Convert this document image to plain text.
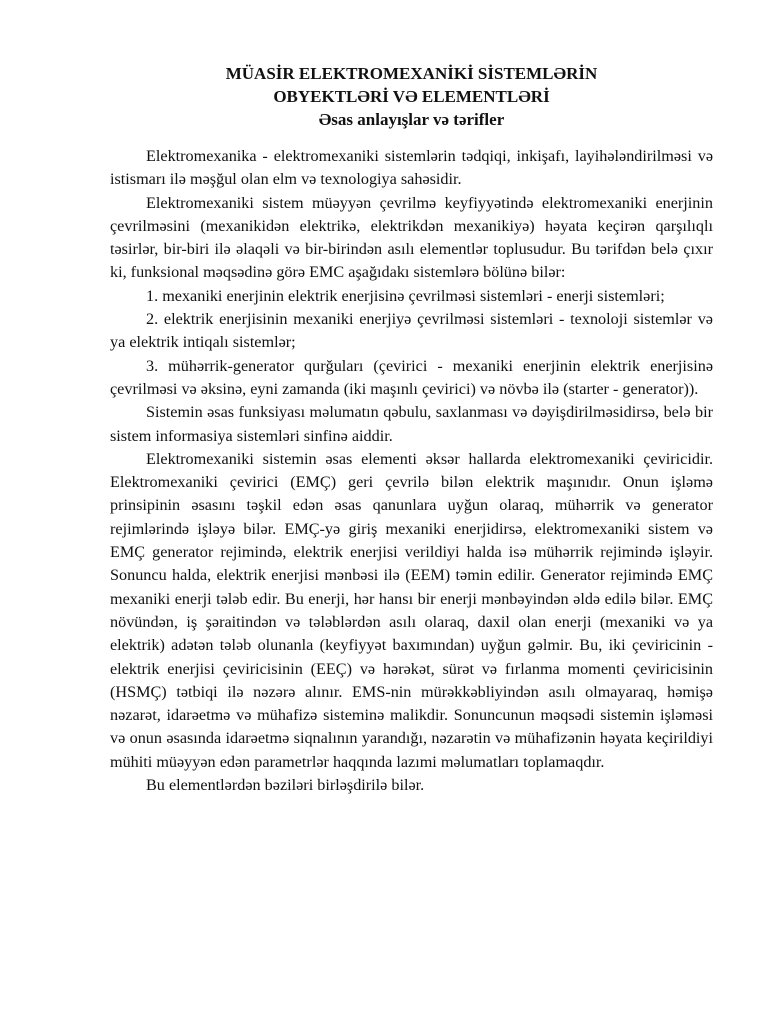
MÜASİR ELEKTROMEXANİKİ SİSTEMLƏRİN
OBYEKTLƏRİ VƏ ELEMENTLƏRİ
Əsas anlayışlar və tərifler

Elektromexanika - elektromexaniki sistemlərin tədqiqi, inkişafı, layihələndirilməsi və istismarı ilə məşğul olan elm və texnologiya sahəsidir.

Elektromexaniki sistem müəyyən çevrilmə keyfiyyətində elektromexaniki enerjinin çevrilməsini (mexanikidən elektrikə, elektrikdən mexanikiyə) həyata keçirən qarşılıqlı təsirlər, bir-biri ilə əlaqəli və bir-birindən asılı elementlər toplusudur. Bu tərifdən belə çıxır ki, funksional məqsədinə görə EMC aşağıdakı sistemlərə bölünə bilər:

1. mexaniki enerjinin elektrik enerjisinə çevrilməsi sistemləri - enerji sistemləri;

2. elektrik enerjisinin mexaniki enerjiyə çevrilməsi sistemləri - texnoloji sistemlər və ya elektrik intiqalı sistemlər;

3. mühərrik-generator qurğuları (çevirici - mexaniki enerjinin elektrik enerjisinə çevrilməsi və əksinə, eyni zamanda (iki maşınlı çevirici) və növbə ilə (starter - generator)).

Sistemin əsas funksiyası məlumatın qəbulu, saxlanması və dəyişdirilməsidirsə, belə bir sistem informasiya sistemləri sinfinə aiddir.

Elektromexaniki sistemin əsas elementi əksər hallarda elektromexaniki çeviricidir. Elektromexaniki çevirici (EMÇ) geri çevrilə bilən elektrik maşınıdır. Onun işləmə prinsipinin əsasını təşkil edən əsas qanunlara uyğun olaraq, mühərrik və generator rejimlərində işləyə bilər. EMÇ-yə giriş mexaniki enerjidirsə, elektromexaniki sistem və EMÇ generator rejimində, elektrik enerjisi verildiyi halda isə mühərrik rejimində işləyir. Sonuncu halda, elektrik enerjisi mənbəsi ilə (EEM) təmin edilir. Generator rejimində EMÇ mexaniki enerji tələb edir. Bu enerji, hər hansı bir enerji mənbəyindən əldə edilə bilər. EMÇ növündən, iş şəraitindən və tələblərdən asılı olaraq, daxil olan enerji (mexaniki və ya elektrik) adətən tələb olunanla (keyfiyyət baxımından) uyğun gəlmir. Bu, iki çeviricinin - elektrik enerjisi çeviricisinin (EEÇ) və hərəkət, sürət və fırlanma momenti çeviricisinin (HSMÇ) tətbiqi ilə nəzərə alınır. EMS-nin mürəkkəbliyindən asılı olmayaraq, həmişə nəzarət, idarəetmə və mühafizə sisteminə malikdir. Sonuncunun məqsədi sistemin işləməsi və onun əsasında idarəetmə siqnalının yarandığı, nəzarətin və mühafizənin həyata keçirildiyi mühiti müəyyən edən parametrlər haqqında lazımi məlumatları toplamaqdır.

Bu elementlərdən bəziləri birləşdirilə bilər.
